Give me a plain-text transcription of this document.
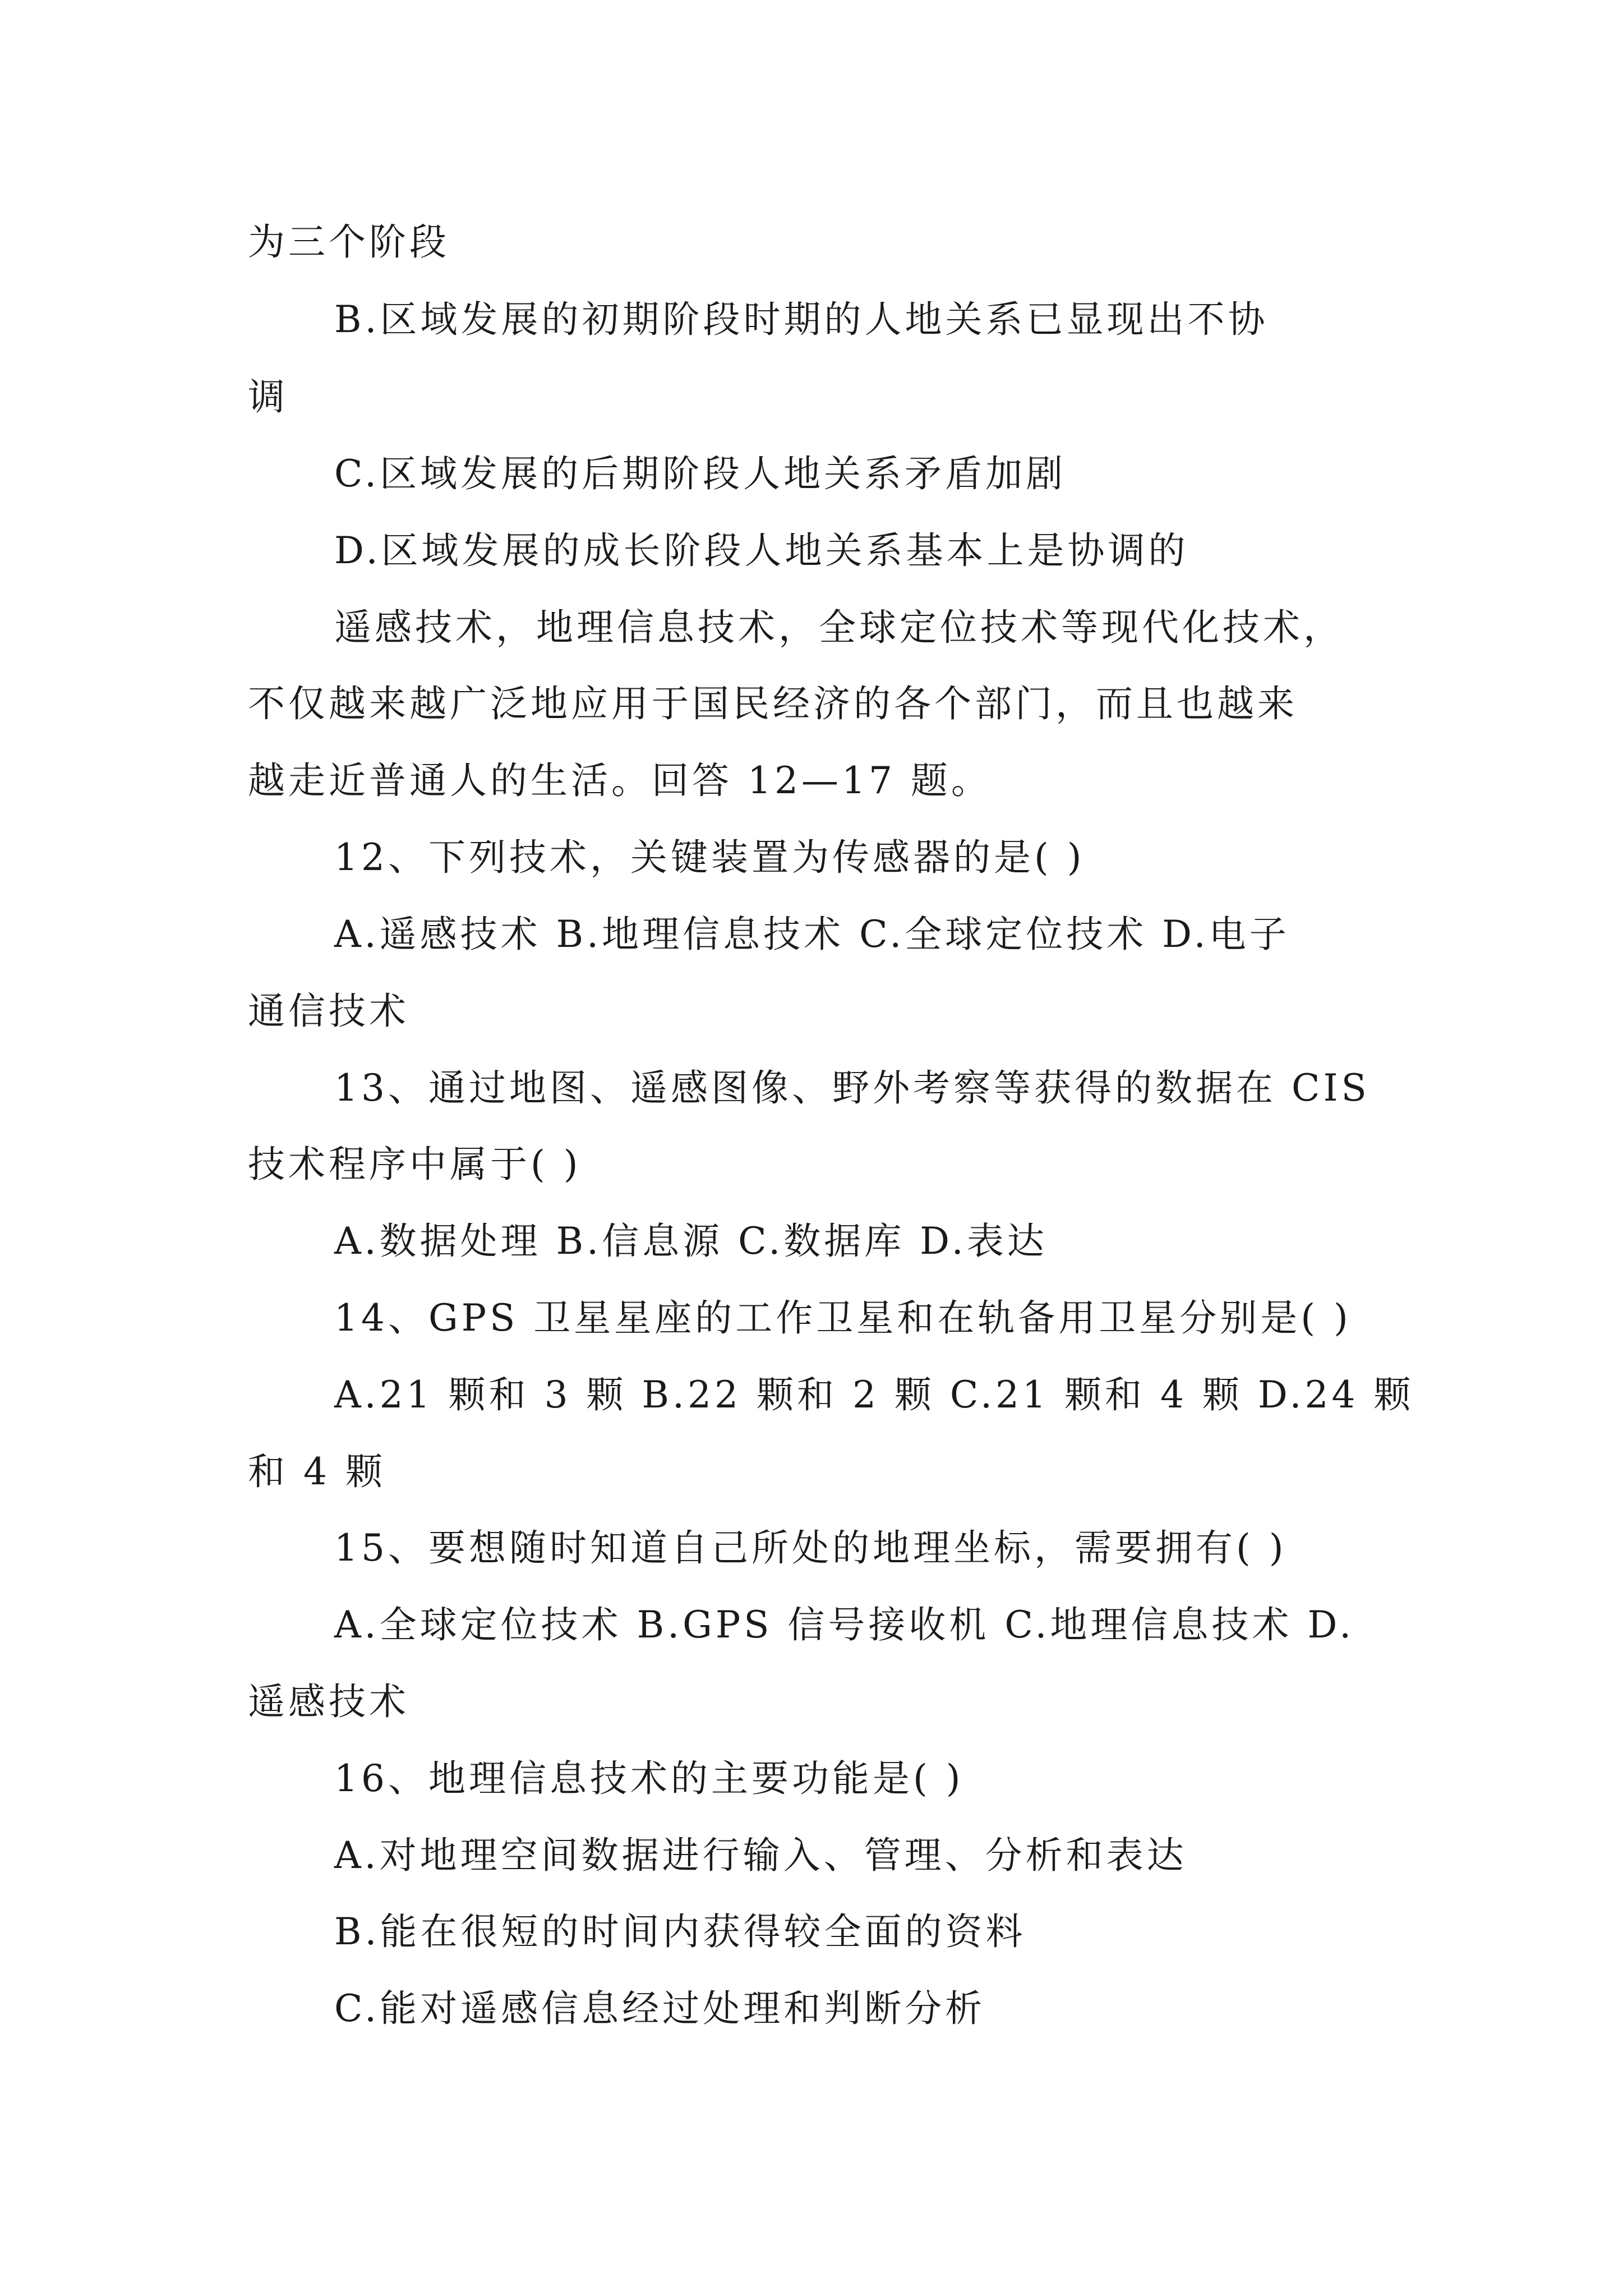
为三个阶段
B.区域发展的初期阶段时期的人地关系已显现出不协
调
C.区域发展的后期阶段人地关系矛盾加剧
D.区域发展的成长阶段人地关系基本上是协调的
遥感技术，地理信息技术，全球定位技术等现代化技术，
不仅越来越广泛地应用于国民经济的各个部门，而且也越来
越走近普通人的生活。回答 12—17 题。
12、下列技术，关键装置为传感器的是( )
A.遥感技术 B.地理信息技术 C.全球定位技术 D.电子
通信技术
13、通过地图、遥感图像、野外考察等获得的数据在 CIS
技术程序中属于( )
A.数据处理 B.信息源 C.数据库 D.表达
14、GPS 卫星星座的工作卫星和在轨备用卫星分别是( )
A.21 颗和 3 颗 B.22 颗和 2 颗 C.21 颗和 4 颗 D.24 颗
和 4 颗
15、要想随时知道自己所处的地理坐标，需要拥有( )
A.全球定位技术 B.GPS 信号接收机 C.地理信息技术 D.
遥感技术
16、地理信息技术的主要功能是( )
A.对地理空间数据进行输入、管理、分析和表达
B.能在很短的时间内获得较全面的资料
C.能对遥感信息经过处理和判断分析
